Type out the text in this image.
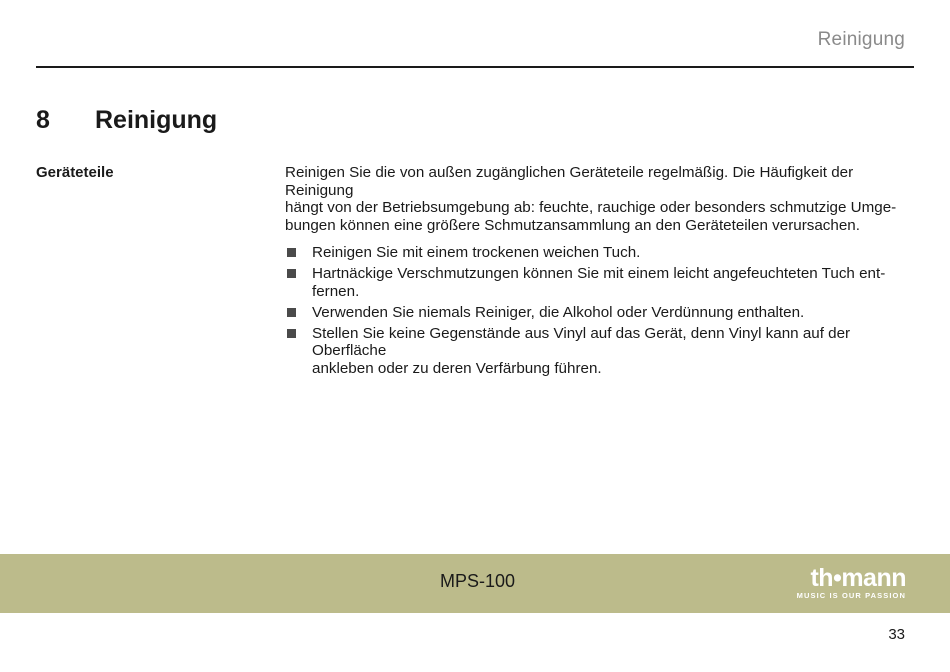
Reinigung
8 Reinigung
Geräteteile	Reinigen Sie die von außen zugänglichen Geräteteile regelmäßig. Die Häufigkeit der Reinigung
hängt von der Betriebsumgebung ab: feuchte, rauchige oder besonders schmutzige Umge-
bungen können eine größere Schmutzansammlung an den Geräteteilen verursachen.

Reinigen Sie mit einem trockenen weichen Tuch.
Hartnäckige Verschmutzungen können Sie mit einem leicht angefeuchteten Tuch ent-
fernen.
Verwenden Sie niemals Reiniger, die Alkohol oder Verdünnung enthalten.
Stellen Sie keine Gegenstände aus Vinyl auf das Gerät, denn Vinyl kann auf der Oberfläche
ankleben oder zu deren Verfärbung führen.
MPS-100	th•mann
MUSIC IS OUR PASSION
33
